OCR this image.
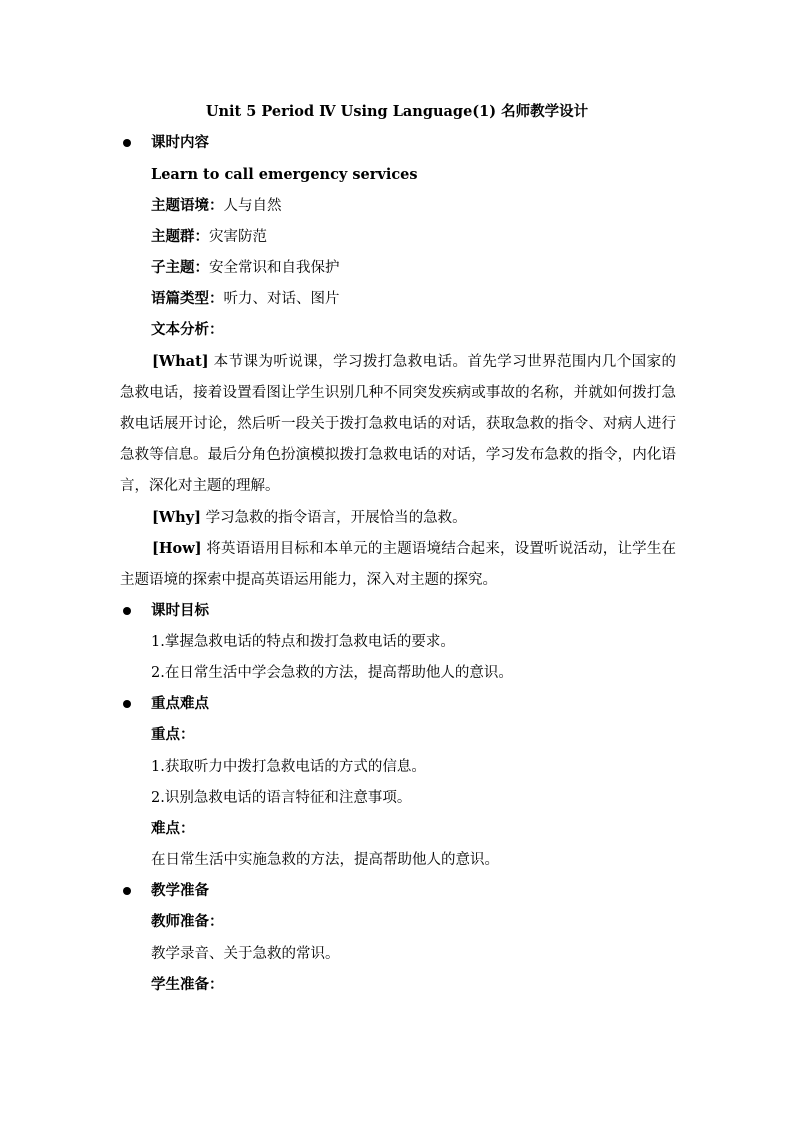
Unit 5 Period Ⅳ Using Language(1) 名师教学设计
课时内容
Learn to call emergency services
主题语境：人与自然
主题群：灾害防范
子主题：安全常识和自我保护
语篇类型：听力、对话、图片
文本分析：
[What] 本节课为听说课，学习拨打急救电话。首先学习世界范围内几个国家的急救电话，接着设置看图让学生识别几种不同突发疾病或事故的名称，并就如何拨打急救电话展开讨论，然后听一段关于拨打急救电话的对话，获取急救的指令、对病人进行急救等信息。最后分角色扮演模拟拨打急救电话的对话，学习发布急救的指令，内化语言，深化对主题的理解。
[Why] 学习急救的指令语言，开展恰当的急救。
[How] 将英语语用目标和本单元的主题语境结合起来，设置听说活动，让学生在主题语境的探索中提高英语运用能力，深入对主题的探究。
课时目标
1.掌握急救电话的特点和拨打急救电话的要求。
2.在日常生活中学会急救的方法，提高帮助他人的意识。
重点难点
重点：
1.获取听力中拨打急救电话的方式的信息。
2.识别急救电话的语言特征和注意事项。
难点：
在日常生活中实施急救的方法，提高帮助他人的意识。
教学准备
教师准备：
教学录音、关于急救的常识。
学生准备：
